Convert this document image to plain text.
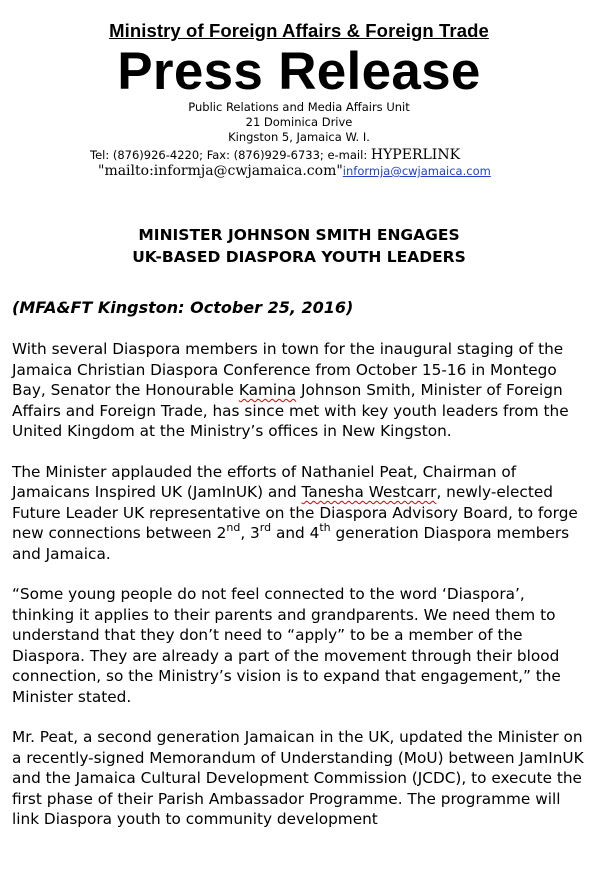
Ministry of Foreign Affairs & Foreign Trade
Press Release
Public Relations and Media Affairs Unit
21 Dominica Drive
Kingston 5, Jamaica W. I.
Tel: (876)926-4220; Fax: (876)929-6733; e-mail: HYPERLINK
"mailto:informja@cwjamaica.com"informja@cwjamaica.com
MINISTER JOHNSON SMITH ENGAGES
UK-BASED DIASPORA YOUTH LEADERS
(MFA&FT Kingston: October 25, 2016)

With several Diaspora members in town for the inaugural staging of the Jamaica Christian Diaspora Conference from October 15-16 in Montego Bay, Senator the Honourable Kamina Johnson Smith, Minister of Foreign Affairs and Foreign Trade, has since met with key youth leaders from the United Kingdom at the Ministry’s offices in New Kingston.

The Minister applauded the efforts of Nathaniel Peat, Chairman of Jamaicans Inspired UK (JamInUK) and Tanesha Westcarr, newly-elected Future Leader UK representative on the Diaspora Advisory Board, to forge new connections between 2nd, 3rd and 4th generation Diaspora members and Jamaica.

“Some young people do not feel connected to the word ‘Diaspora’, thinking it applies to their parents and grandparents. We need them to understand that they don’t need to “apply” to be a member of the Diaspora. They are already a part of the movement through their blood connection, so the Ministry’s vision is to expand that engagement,” the Minister stated.

Mr. Peat, a second generation Jamaican in the UK, updated the Minister on a recently-signed Memorandum of Understanding (MoU) between JamInUK and the Jamaica Cultural Development Commission (JCDC), to execute the first phase of their Parish Ambassador Programme. The programme will link Diaspora youth to community development
